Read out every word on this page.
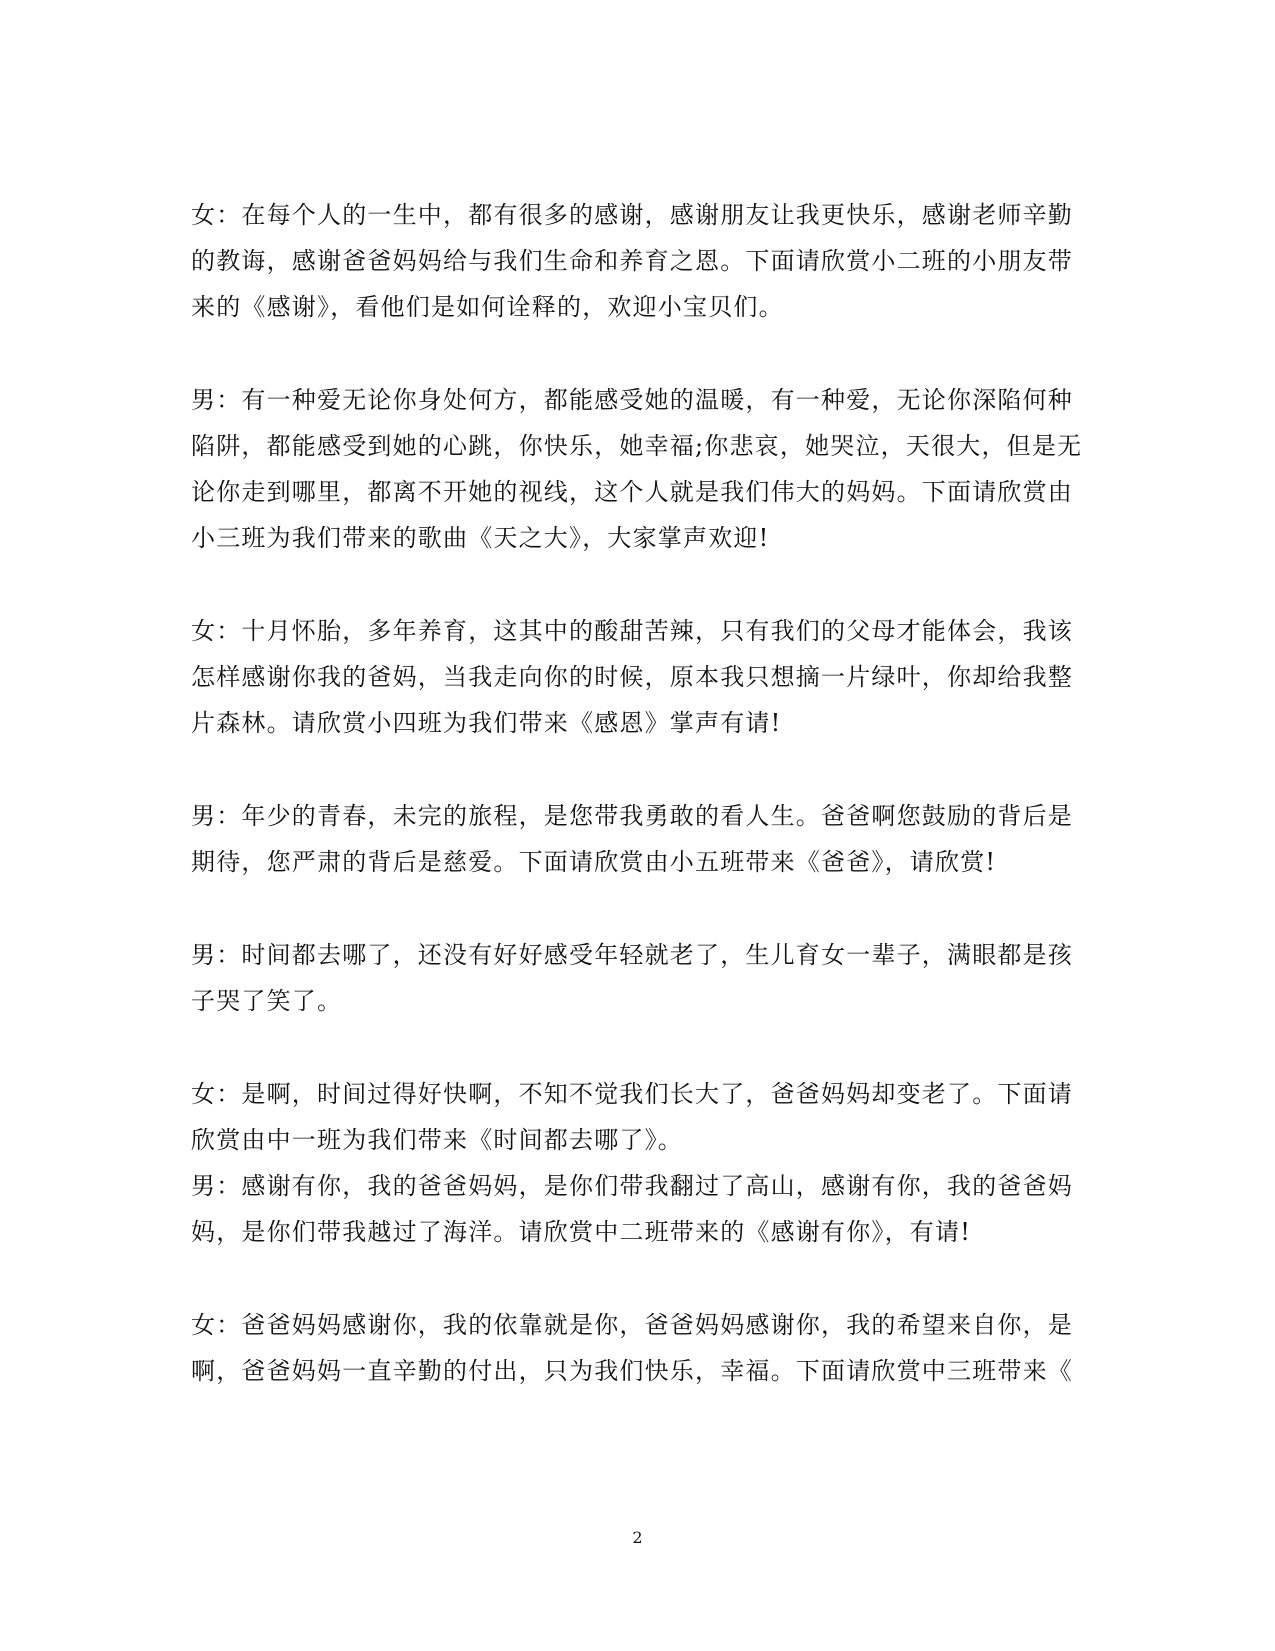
女：在每个人的一生中，都有很多的感谢，感谢朋友让我更快乐，感谢老师辛勤

的教诲，感谢爸爸妈妈给与我们生命和养育之恩。下面请欣赏小二班的小朋友带

来的《感谢》，看他们是如何诠释的，欢迎小宝贝们。

男：有一种爱无论你身处何方，都能感受她的温暖，有一种爱，无论你深陷何种

陷阱，都能感受到她的心跳，你快乐，她幸福;你悲哀，她哭泣，天很大，但是无

论你走到哪里，都离不开她的视线，这个人就是我们伟大的妈妈。下面请欣赏由

小三班为我们带来的歌曲《天之大》，大家掌声欢迎!

女：十月怀胎，多年养育，这其中的酸甜苦辣，只有我们的父母才能体会，我该

怎样感谢你我的爸妈，当我走向你的时候，原本我只想摘一片绿叶，你却给我整

片森林。请欣赏小四班为我们带来《感恩》掌声有请!

男：年少的青春，未完的旅程，是您带我勇敢的看人生。爸爸啊您鼓励的背后是

期待，您严肃的背后是慈爱。下面请欣赏由小五班带来《爸爸》，请欣赏!

男：时间都去哪了，还没有好好感受年轻就老了，生儿育女一辈子，满眼都是孩

子哭了笑了。

女：是啊，时间过得好快啊，不知不觉我们长大了，爸爸妈妈却变老了。下面请

欣赏由中一班为我们带来《时间都去哪了》。

男：感谢有你，我的爸爸妈妈，是你们带我翻过了高山，感谢有你，我的爸爸妈

妈，是你们带我越过了海洋。请欣赏中二班带来的《感谢有你》，有请!

女：爸爸妈妈感谢你，我的依靠就是你，爸爸妈妈感谢你，我的希望来自你，是

啊，爸爸妈妈一直辛勤的付出，只为我们快乐，幸福。下面请欣赏中三班带来《

2
